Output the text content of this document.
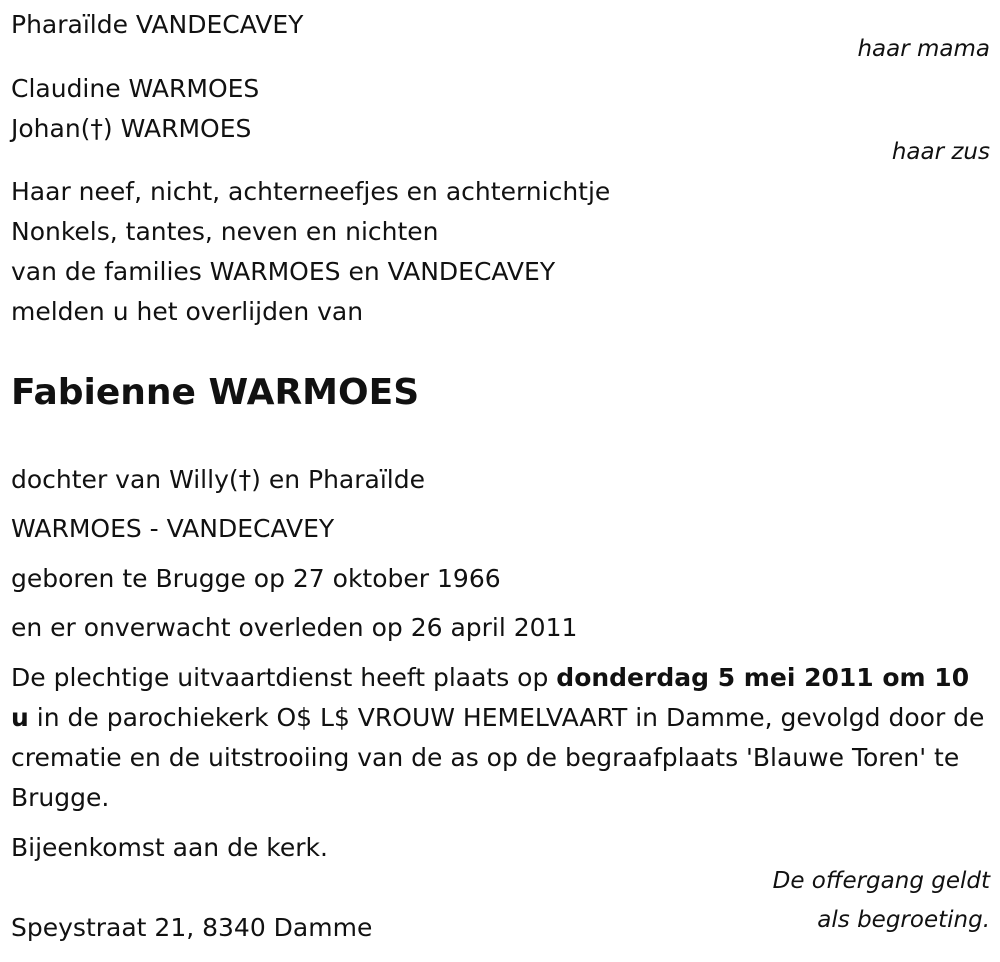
Pharaïlde VANDECAVEY
haar mama
Claudine WARMOES
Johan(†) WARMOES
haar zus
Haar neef, nicht, achterneefjes en achternichtje
Nonkels, tantes, neven en nichten
van de families WARMOES en VANDECAVEY
melden u het overlijden van
Fabienne WARMOES
dochter van Willy(†) en Pharaïlde
WARMOES - VANDECAVEY
geboren te Brugge op 27 oktober 1966
en er onverwacht overleden op 26 april 2011
De plechtige uitvaartdienst heeft plaats op donderdag 5 mei 2011 om 10 u in de parochiekerk O$ L$ VROUW HEMELVAART in Damme, gevolgd door de crematie en de uitstrooiing van de as op de begraafplaats 'Blauwe Toren' te Brugge.
Bijeenkomst aan de kerk.
De offergang geldt
als begroeting.
Speystraat 21, 8340 Damme
